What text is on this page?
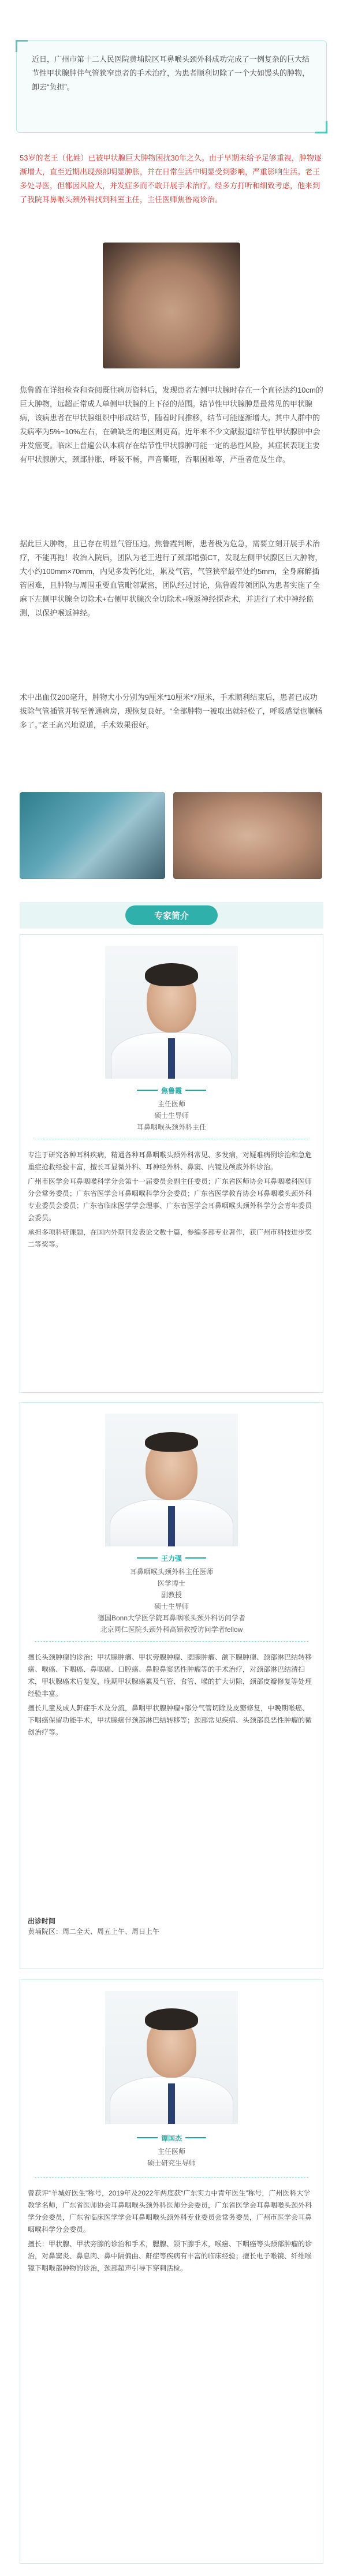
近日，广州市第十二人民医院黄埔院区耳鼻喉头颈外科成功完成了一例复杂的巨大结节性甲状腺肿伴气管狭窄患者的手术治疗，为患者顺利切除了一个大如馒头的肿物，卸去“负担”。

53岁的老王（化姓）已被甲状腺巨大肿物困扰30年之久。由于早期未给予足够重视，肿物逐渐增大，直至近期出现颈部明显肿胀，并在日常生活中明显受到影响，严重影响生活。老王多处寻医，但都因风险大，并发症多而不敢开展手术治疗。经多方打听和细致考虑，他来到了我院耳鼻喉头颈外科找到科室主任，主任医师焦鲁霞诊治。

焦鲁霞在详细检查和查阅既往病历资料后，发现患者左侧甲状腺时存在一个直径达约10cm的巨大肿物，远超正常成人单侧甲状腺的上下径的范围。结节性甲状腺肿是最常见的甲状腺病，该病患者在甲状腺组织中形成结节，随着时间推移，结节可能逐渐增大。其中人群中的发病率为5%~10%左右，在碘缺乏的地区则更高。近年来不少文献报道结节性甲状腺肿中会并发癌变。临床上普遍公认本病存在结节性甲状腺肿可能一定的恶性风险，其症状表现主要有甲状腺肿大，颈部肿胀，呼吸不畅，声音嘶哑，吞咽困难等，严重者危及生命。

据此巨大肿物，且已存在明显气管压迫。焦鲁霞判断，患者极为危急，需要立刻开展手术治疗，不能再拖！收治入院后，团队为老王进行了颈部增强CT，发现左侧甲状腺区巨大肿物，大小约100mm×70mm，内见多发钙化灶，累及气管，气管狭窄最窄处约5mm，全身麻醉插管困难，且肿物与周围重要血管毗邻紧密，团队经过讨论，焦鲁霞带领团队为患者实施了全麻下左侧甲状腺全切除术+右侧甲状腺次全切除术+喉返神经探查术，并进行了术中神经监测，以保护喉返神经。

术中出血仅200毫升，肿物大小分别为9厘米*10厘米*7厘米，手术顺利结束后，患者已成功拔除气管插管并转至普通病房，现恢复良好。“全部肿物一被取出就轻松了，呼吸感觉也顺畅多了。”老王高兴地说道，手术效果很好。

专家简介
焦鲁霞
主任医师
硕士生导师
耳鼻咽喉头颈外科主任

专注于研究各种耳科疾病，精通各种耳鼻咽喉头颈外科常见、多发病，对疑难病例诊治和急危重症抢救经验丰富，擅长耳显微外科、耳神经外科、鼻窦、内镜及颅底外科诊治。

广州市医学会耳鼻咽喉科学分会第十一届委员会副主任委员；广东省医师协会耳鼻咽喉科医师分会常务委员；广东省医学会耳鼻咽喉科学分会委员；广东省医学教育协会耳鼻咽喉头颈外科专业委员会委员；广东省临床医学学会理事、广东省医学会耳鼻咽喉头颈外科学分会青年委员会委员。

承担多项科研课题，在国内外期刊发表论文数十篇，参编多部专业著作，获广州市科技进步奖二等奖等。

王力强
耳鼻咽喉头颈外科主任医师
医学博士
副教授
硕士生导师
德国Bonn大学医学院耳鼻咽喉头颈外科访问学者
北京同仁医院头颈外科高颖教授访问学者fellow

擅长头颈肿瘤的诊治：甲状腺肿瘤、甲状旁腺肿瘤、腮腺肿瘤、颌下腺肿瘤、颈部淋巴结转移癌、喉癌、下咽癌、鼻咽癌、口腔癌、鼻腔鼻窦恶性肿瘤等的手术治疗，对颈部淋巴结清扫术，甲状腺癌术后复发，晚期甲状腺癌累及气管、食管、喉的扩大切除，颈部皮瓣修复等处理经验丰富。

擅长儿童及成人鼾症手术及分流，鼻咽甲状腺肿瘤+部分气管切除及皮瓣修复，中晚期喉癌、下咽癌保留功能手术，甲状腺癌伴颈部淋巴结转移等；颈部常见疾病、头颈部良恶性肿瘤的微创治疗等。

出诊时间
黄埔院区：周二全天、周五上午、周日上午
谭国杰
主任医师
硕士研究生导师

曾获评“羊城好医生”称号，2019年及2022年两度获“广东实力中青年医生”称号，广州医科大学教学名师，广东省医师协会耳鼻咽喉头颈外科医师分会委员，广东省医学会耳鼻咽喉头颈外科学分会委员，广东省临床医学学会耳鼻咽喉头颈外科专业委员会常务委员，广州市医学会耳鼻咽喉科学分会委员。

擅长：甲状腺、甲状旁腺的诊治和手术，腮腺、颌下腺手术，喉癌、下咽癌等头颈部肿瘤的诊治，对鼻窦炎、鼻息肉、鼻中隔偏曲、鼾症等疾病有丰富的临床经验；擅长电子喉镜、纤维喉镜下咽喉部肿物的诊治，颈部超声引导下穿刺活检。
